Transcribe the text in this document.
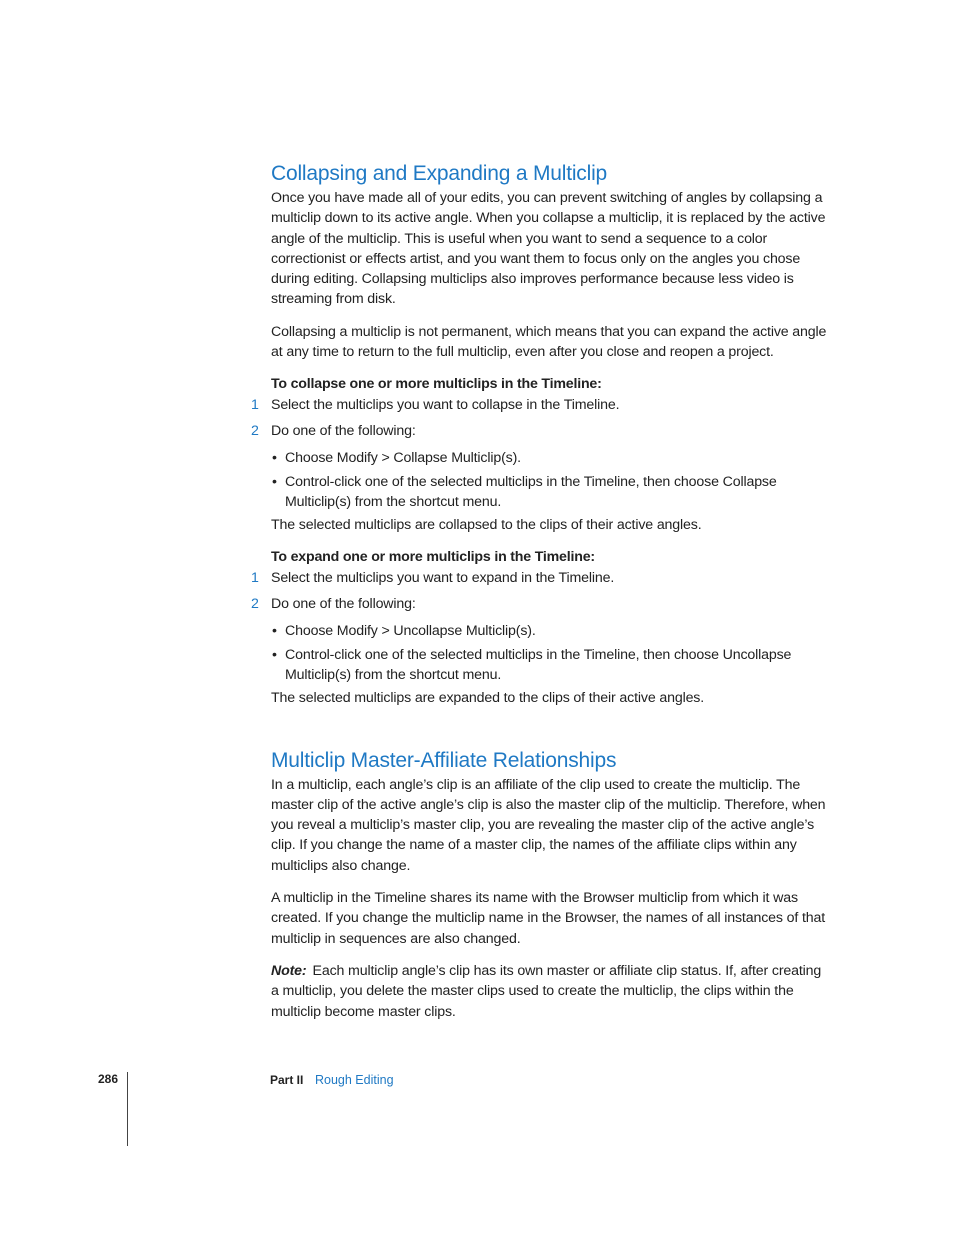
Collapsing and Expanding a Multiclip

Once you have made all of your edits, you can prevent switching of angles by collapsing a multiclip down to its active angle. When you collapse a multiclip, it is replaced by the active angle of the multiclip. This is useful when you want to send a sequence to a color correctionist or effects artist, and you want them to focus only on the angles you chose during editing. Collapsing multiclips also improves performance because less video is streaming from disk.

Collapsing a multiclip is not permanent, which means that you can expand the active angle at any time to return to the full multiclip, even after you close and reopen a project.

To collapse one or more multiclips in the Timeline:

1 Select the multiclips you want to collapse in the Timeline.
2 Do one of the following:
• Choose Modify > Collapse Multiclip(s).
• Control-click one of the selected multiclips in the Timeline, then choose Collapse Multiclip(s) from the shortcut menu.

The selected multiclips are collapsed to the clips of their active angles.

To expand one or more multiclips in the Timeline:

1 Select the multiclips you want to expand in the Timeline.
2 Do one of the following:
• Choose Modify > Uncollapse Multiclip(s).
• Control-click one of the selected multiclips in the Timeline, then choose Uncollapse Multiclip(s) from the shortcut menu.

The selected multiclips are expanded to the clips of their active angles.

Multiclip Master-Affiliate Relationships

In a multiclip, each angle’s clip is an affiliate of the clip used to create the multiclip. The master clip of the active angle’s clip is also the master clip of the multiclip. Therefore, when you reveal a multiclip’s master clip, you are revealing the master clip of the active angle’s clip. If you change the name of a master clip, the names of the affiliate clips within any multiclips also change.

A multiclip in the Timeline shares its name with the Browser multiclip from which it was created. If you change the multiclip name in the Browser, the names of all instances of that multiclip in sequences are also changed.

Note: Each multiclip angle’s clip has its own master or affiliate clip status. If, after creating a multiclip, you delete the master clips used to create the multiclip, the clips within the multiclip become master clips.

286	Part II Rough Editing
